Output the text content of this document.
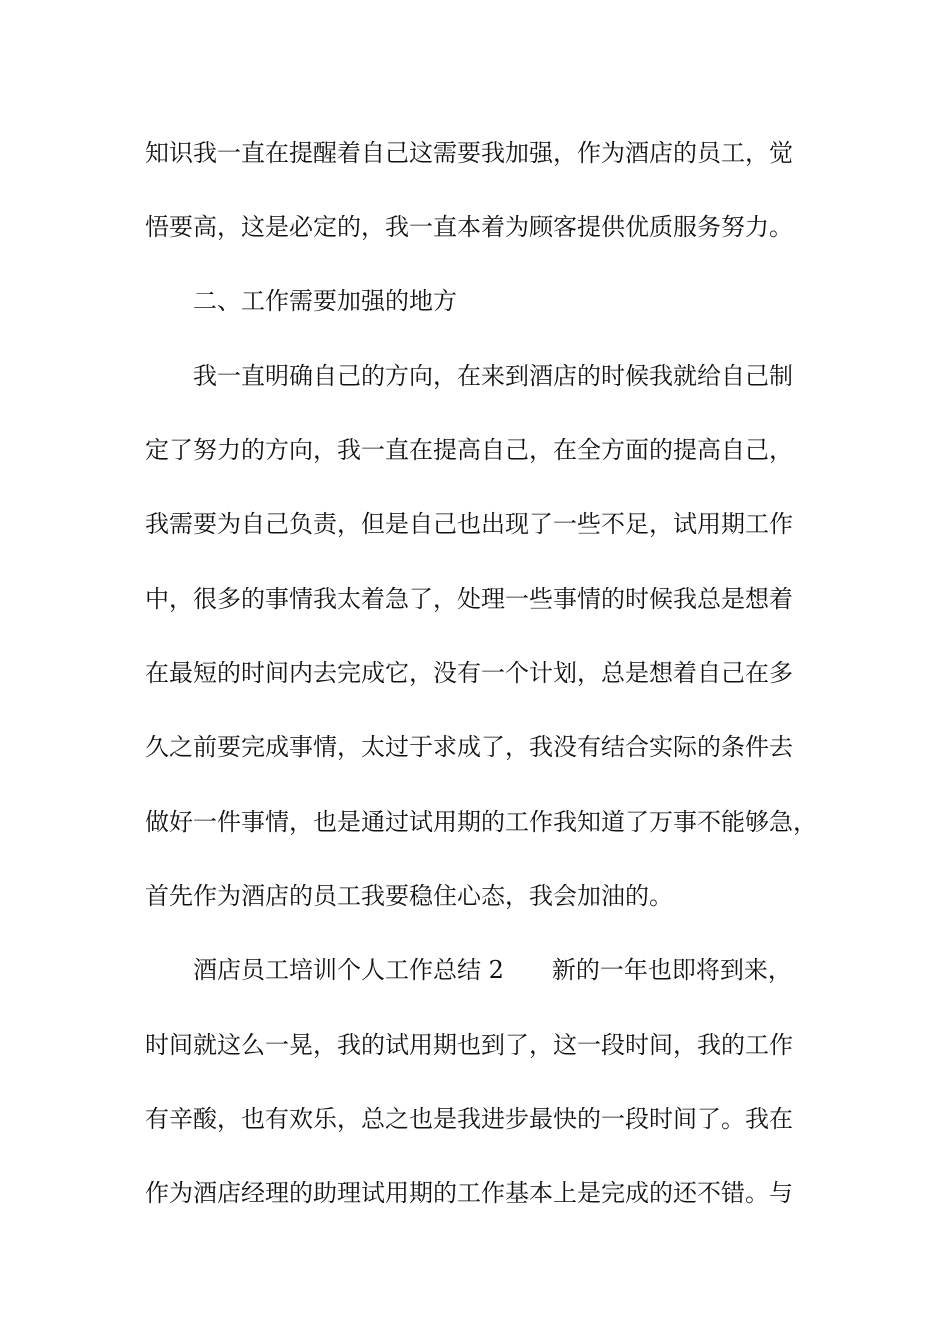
知识我一直在提醒着自己这需要我加强，作为酒店的员工，觉

悟要高，这是必定的，我一直本着为顾客提供优质服务努力。

二、工作需要加强的地方

我一直明确自己的方向，在来到酒店的时候我就给自己制

定了努力的方向，我一直在提高自己，在全方面的提高自己，

我需要为自己负责，但是自己也出现了一些不足，试用期工作

中，很多的事情我太着急了，处理一些事情的时候我总是想着

在最短的时间内去完成它，没有一个计划，总是想着自己在多

久之前要完成事情，太过于求成了，我没有结合实际的条件去

做好一件事情，也是通过试用期的工作我知道了万事不能够急，

首先作为酒店的员工我要稳住心态，我会加油的。

酒店员工培训个人工作总结 2　　新的一年也即将到来，

时间就这么一晃，我的试用期也到了，这一段时间，我的工作

有辛酸，也有欢乐，总之也是我进步最快的一段时间了。我在

作为酒店经理的助理试用期的工作基本上是完成的还不错。与
